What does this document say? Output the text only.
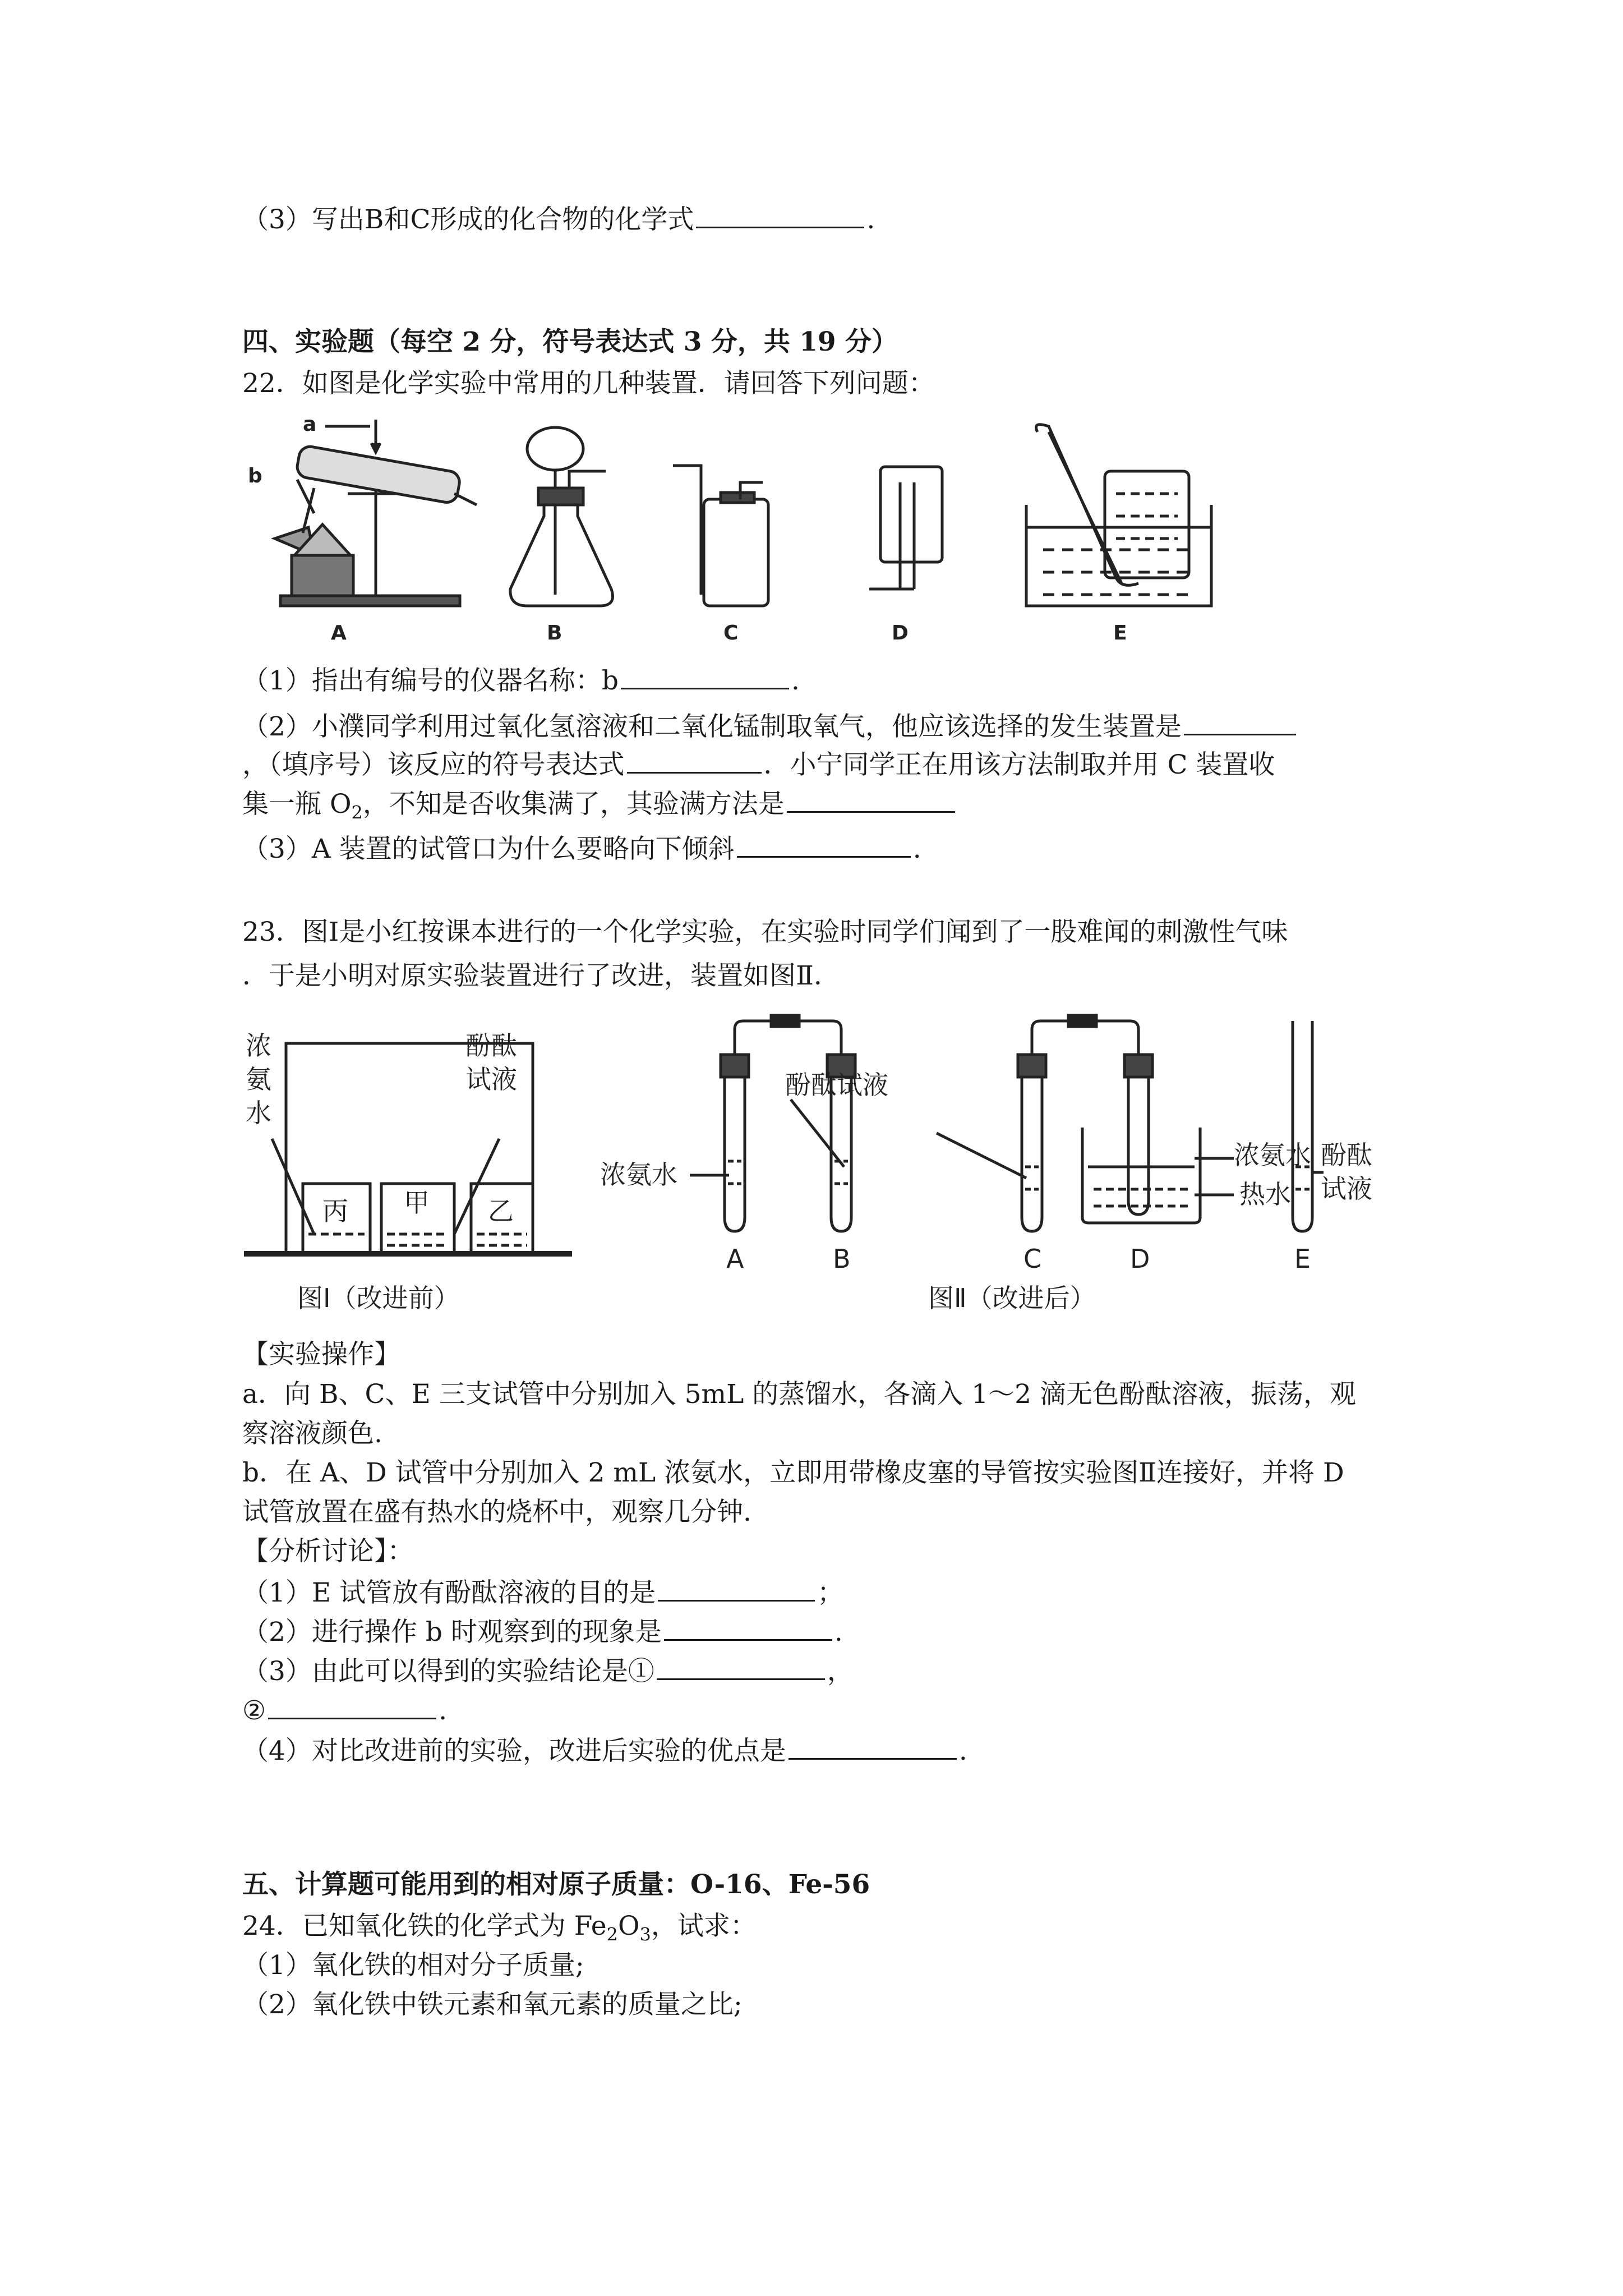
（3）写出B和C形成的化合物的化学式	.
四、实验题（每空 2 分，符号表达式 3 分，共 19 分）
22．如图是化学实验中常用的几种装置．请回答下列问题：
a
b
A	B	C	D	E
（1）指出有编号的仪器名称：b	.
（2）小濮同学利用过氧化氢溶液和二氧化锰制取氧气，他应该选择的发生装置是
，（填序号）该反应的符号表达式	．小宁同学正在用该方法制取并用 C 装置收
集一瓶 $O_2$，不知是否收集满了，其验满方法是
（3）A 装置的试管口为什么要略向下倾斜	.
23．图Ⅰ是小红按课本进行的一个化学实验，在实验时同学们闻到了一股难闻的刺激性气味
．于是小明对原实验装置进行了改进，装置如图Ⅱ．
浓
氨
水
酚酞
试液
丙 甲 乙
图Ⅰ（改进前）
酚酞试液
浓氨水
浓氨水
热水
酚酞
试液
A	B	C	D	E
图Ⅱ（改进后）
【实验操作】
a．向 B、C、E 三支试管中分别加入 5mL 的蒸馏水，各滴入 1～2 滴无色酚酞溶液，振荡，观
察溶液颜色.
b．在 A、D 试管中分别加入 2 mL 浓氨水，立即用带橡皮塞的导管按实验图Ⅱ连接好，并将 D
试管放置在盛有热水的烧杯中，观察几分钟.
【分析讨论】：
（1）E 试管放有酚酞溶液的目的是	；
（2）进行操作 b 时观察到的现象是	.
（3）由此可以得到的实验结论是①	，
②	.
（4）对比改进前的实验，改进后实验的优点是	.
五、计算题可能用到的相对原子质量：O-16、Fe-56
24．已知氧化铁的化学式为 $Fe_2O_3$，试求：
（1）氧化铁的相对分子质量;
（2）氧化铁中铁元素和氧元素的质量之比;
